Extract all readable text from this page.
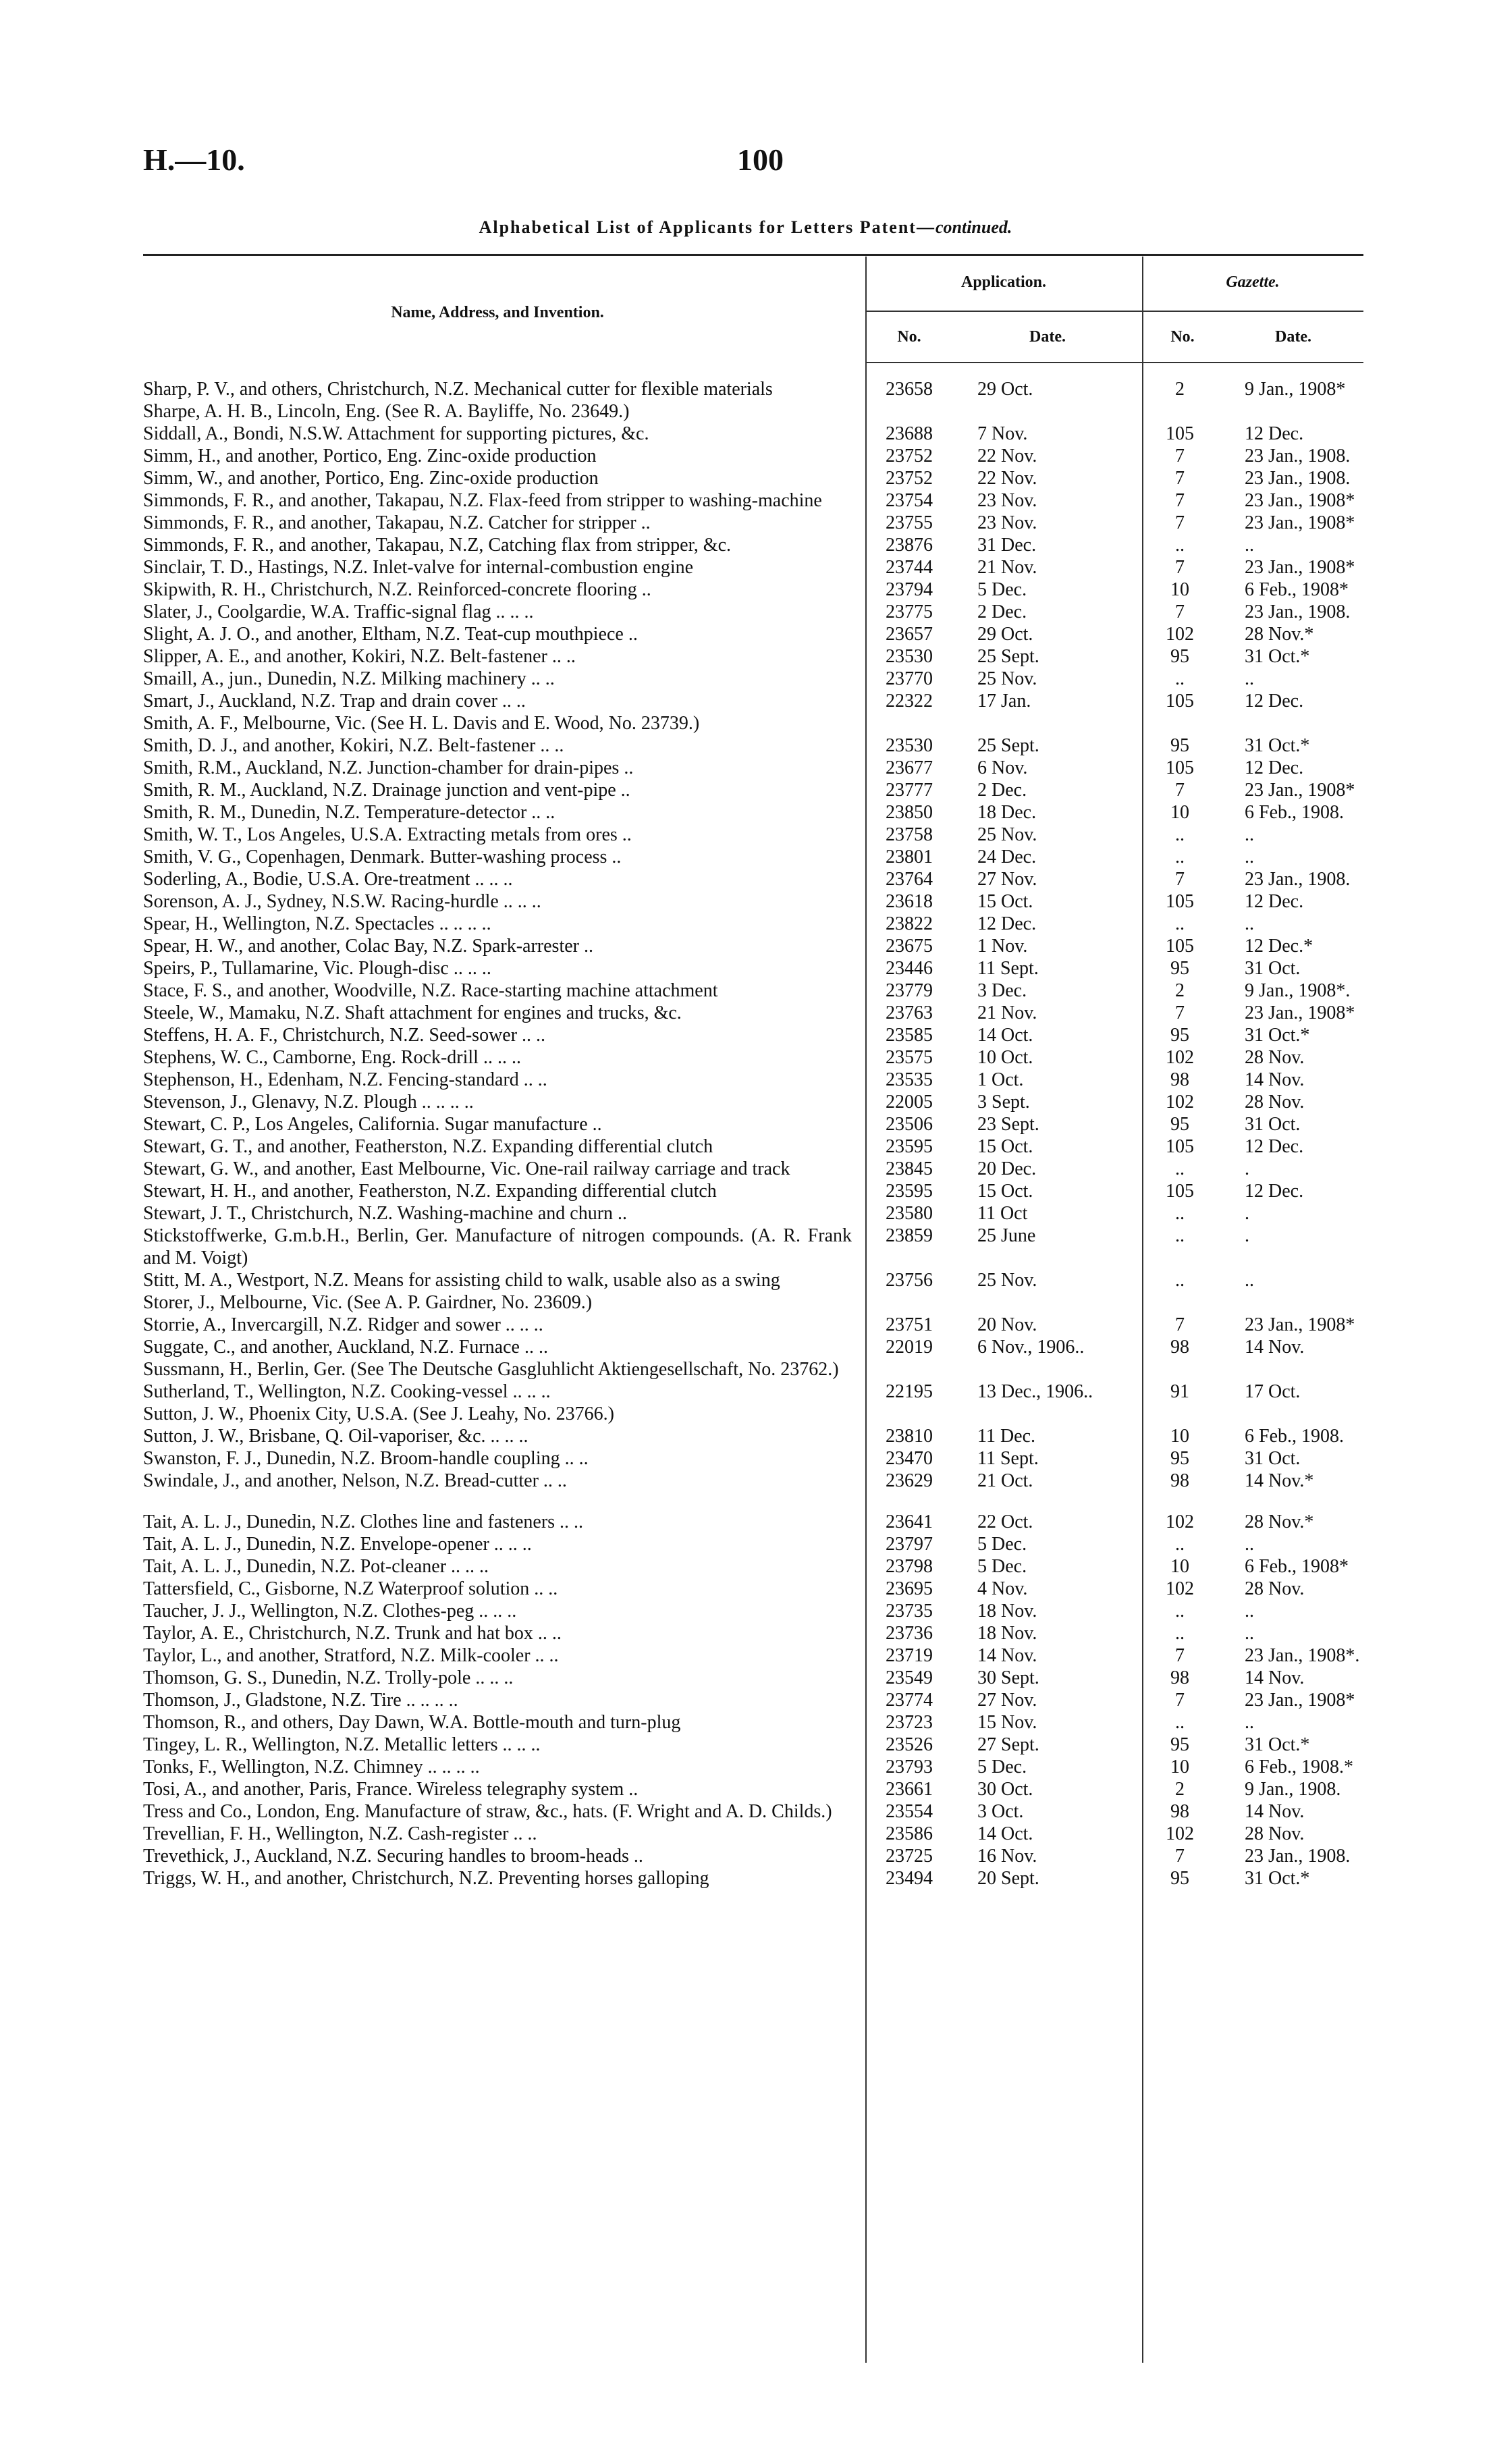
H.—10.	100
Alphabetical List of Applicants for Letters Patent—continued.
Name, Address, and Invention.
Application.	Gazette.
No.	Date.	No.	Date.
Sharp, P. V., and others, Christchurch, N.Z. Mechanical cutter for flexible materials	23658	29 Oct.	2	9 Jan., 1908*
Sharpe, A. H. B., Lincoln, Eng. (See R. A. Bayliffe, No. 23649.)				
Siddall, A., Bondi, N.S.W. Attachment for supporting pictures, &c.	23688	7 Nov.	105	12 Dec.
Simm, H., and another, Portico, Eng. Zinc-oxide production	23752	22 Nov.	7	23 Jan., 1908.
Simm, W., and another, Portico, Eng. Zinc-oxide production	23752	22 Nov.	7	23 Jan., 1908.
Simmonds, F. R., and another, Takapau, N.Z. Flax-feed from stripper to washing-machine	23754	23 Nov.	7	23 Jan., 1908*
Simmonds, F. R., and another, Takapau, N.Z. Catcher for stripper ..	23755	23 Nov.	7	23 Jan., 1908*
Simmonds, F. R., and another, Takapau, N.Z, Catching flax from stripper, &c.	23876	31 Dec.	..	..
Sinclair, T. D., Hastings, N.Z. Inlet-valve for internal-combustion engine	23744	21 Nov.	7	23 Jan., 1908*
Skipwith, R. H., Christchurch, N.Z. Reinforced-concrete flooring ..	23794	5 Dec.	10	6 Feb., 1908*
Slater, J., Coolgardie, W.A. Traffic-signal flag .. .. ..	23775	2 Dec.	7	23 Jan., 1908.
Slight, A. J. O., and another, Eltham, N.Z. Teat-cup mouthpiece ..	23657	29 Oct.	102	28 Nov.*
Slipper, A. E., and another, Kokiri, N.Z. Belt-fastener .. ..	23530	25 Sept.	95	31 Oct.*
Smaill, A., jun., Dunedin, N.Z. Milking machinery .. ..	23770	25 Nov.	..	..
Smart, J., Auckland, N.Z. Trap and drain cover .. ..	22322	17 Jan.	105	12 Dec.
Smith, A. F., Melbourne, Vic. (See H. L. Davis and E. Wood, No. 23739.)				
Smith, D. J., and another, Kokiri, N.Z. Belt-fastener .. ..	23530	25 Sept.	95	31 Oct.*
Smith, R.M., Auckland, N.Z. Junction-chamber for drain-pipes ..	23677	6 Nov.	105	12 Dec.
Smith, R. M., Auckland, N.Z. Drainage junction and vent-pipe ..	23777	2 Dec.	7	23 Jan., 1908*
Smith, R. M., Dunedin, N.Z. Temperature-detector .. ..	23850	18 Dec.	10	6 Feb., 1908.
Smith, W. T., Los Angeles, U.S.A. Extracting metals from ores ..	23758	25 Nov.	..	..
Smith, V. G., Copenhagen, Denmark. Butter-washing process ..	23801	24 Dec.	..	..
Soderling, A., Bodie, U.S.A. Ore-treatment .. .. ..	23764	27 Nov.	7	23 Jan., 1908.
Sorenson, A. J., Sydney, N.S.W. Racing-hurdle .. .. ..	23618	15 Oct.	105	12 Dec.
Spear, H., Wellington, N.Z. Spectacles .. .. .. ..	23822	12 Dec.	..	..
Spear, H. W., and another, Colac Bay, N.Z. Spark-arrester ..	23675	1 Nov.	105	12 Dec.*
Speirs, P., Tullamarine, Vic. Plough-disc .. .. ..	23446	11 Sept.	95	31 Oct.
Stace, F. S., and another, Woodville, N.Z. Race-starting machine attachment	23779	3 Dec.	2	9 Jan., 1908*.
Steele, W., Mamaku, N.Z. Shaft attachment for engines and trucks, &c.	23763	21 Nov.	7	23 Jan., 1908*
Steffens, H. A. F., Christchurch, N.Z. Seed-sower .. ..	23585	14 Oct.	95	31 Oct.*
Stephens, W. C., Camborne, Eng. Rock-drill .. .. ..	23575	10 Oct.	102	28 Nov.
Stephenson, H., Edenham, N.Z. Fencing-standard .. ..	23535	1 Oct.	98	14 Nov.
Stevenson, J., Glenavy, N.Z. Plough .. .. .. ..	22005	3 Sept.	102	28 Nov.
Stewart, C. P., Los Angeles, California. Sugar manufacture ..	23506	23 Sept.	95	31 Oct.
Stewart, G. T., and another, Featherston, N.Z. Expanding differential clutch	23595	15 Oct.	105	12 Dec.
Stewart, G. W., and another, East Melbourne, Vic. One-rail railway carriage and track	23845	20 Dec.	..	.
Stewart, H. H., and another, Featherston, N.Z. Expanding differential clutch	23595	15 Oct.	105	12 Dec.
Stewart, J. T., Christchurch, N.Z. Washing-machine and churn ..	23580	11 Oct	..	.
Stickstoffwerke, G.m.b.H., Berlin, Ger. Manufacture of nitrogen compounds. (A. R. Frank and M. Voigt)	23859	25 June	..	.
Stitt, M. A., Westport, N.Z. Means for assisting child to walk, usable also as a swing	23756	25 Nov.	..	..
Storer, J., Melbourne, Vic. (See A. P. Gairdner, No. 23609.)				
Storrie, A., Invercargill, N.Z. Ridger and sower .. .. ..	23751	20 Nov.	7	23 Jan., 1908*
Suggate, C., and another, Auckland, N.Z. Furnace .. ..	22019	6 Nov., 1906..	98	14 Nov.
Sussmann, H., Berlin, Ger. (See The Deutsche Gasgluhlicht Aktiengesellschaft, No. 23762.)				
Sutherland, T., Wellington, N.Z. Cooking-vessel .. .. ..	22195	13 Dec., 1906..	91	17 Oct.
Sutton, J. W., Phoenix City, U.S.A. (See J. Leahy, No. 23766.)				
Sutton, J. W., Brisbane, Q. Oil-vaporiser, &c. .. .. ..	23810	11 Dec.	10	6 Feb., 1908.
Swanston, F. J., Dunedin, N.Z. Broom-handle coupling .. ..	23470	11 Sept.	95	31 Oct.
Swindale, J., and another, Nelson, N.Z. Bread-cutter .. ..	23629	21 Oct.	98	14 Nov.*

Tait, A. L. J., Dunedin, N.Z. Clothes line and fasteners .. ..	23641	22 Oct.	102	28 Nov.*
Tait, A. L. J., Dunedin, N.Z. Envelope-opener .. .. ..	23797	5 Dec.	..	..
Tait, A. L. J., Dunedin, N.Z. Pot-cleaner .. .. ..	23798	5 Dec.	10	6 Feb., 1908*
Tattersfield, C., Gisborne, N.Z Waterproof solution .. ..	23695	4 Nov.	102	28 Nov.
Taucher, J. J., Wellington, N.Z. Clothes-peg .. .. ..	23735	18 Nov.	..	..
Taylor, A. E., Christchurch, N.Z. Trunk and hat box .. ..	23736	18 Nov.	..	..
Taylor, L., and another, Stratford, N.Z. Milk-cooler .. ..	23719	14 Nov.	7	23 Jan., 1908*.
Thomson, G. S., Dunedin, N.Z. Trolly-pole .. .. ..	23549	30 Sept.	98	14 Nov.
Thomson, J., Gladstone, N.Z. Tire .. .. .. ..	23774	27 Nov.	7	23 Jan., 1908*
Thomson, R., and others, Day Dawn, W.A. Bottle-mouth and turn-plug	23723	15 Nov.	..	..
Tingey, L. R., Wellington, N.Z. Metallic letters .. .. ..	23526	27 Sept.	95	31 Oct.*
Tonks, F., Wellington, N.Z. Chimney .. .. .. ..	23793	5 Dec.	10	6 Feb., 1908.*
Tosi, A., and another, Paris, France. Wireless telegraphy system ..	23661	30 Oct.	2	9 Jan., 1908.
Tress and Co., London, Eng. Manufacture of straw, &c., hats. (F. Wright and A. D. Childs.)	23554	3 Oct.	98	14 Nov.
Trevellian, F. H., Wellington, N.Z. Cash-register .. ..	23586	14 Oct.	102	28 Nov.
Trevethick, J., Auckland, N.Z. Securing handles to broom-heads ..	23725	16 Nov.	7	23 Jan., 1908.
Triggs, W. H., and another, Christchurch, N.Z. Preventing horses galloping	23494	20 Sept.	95	31 Oct.*
